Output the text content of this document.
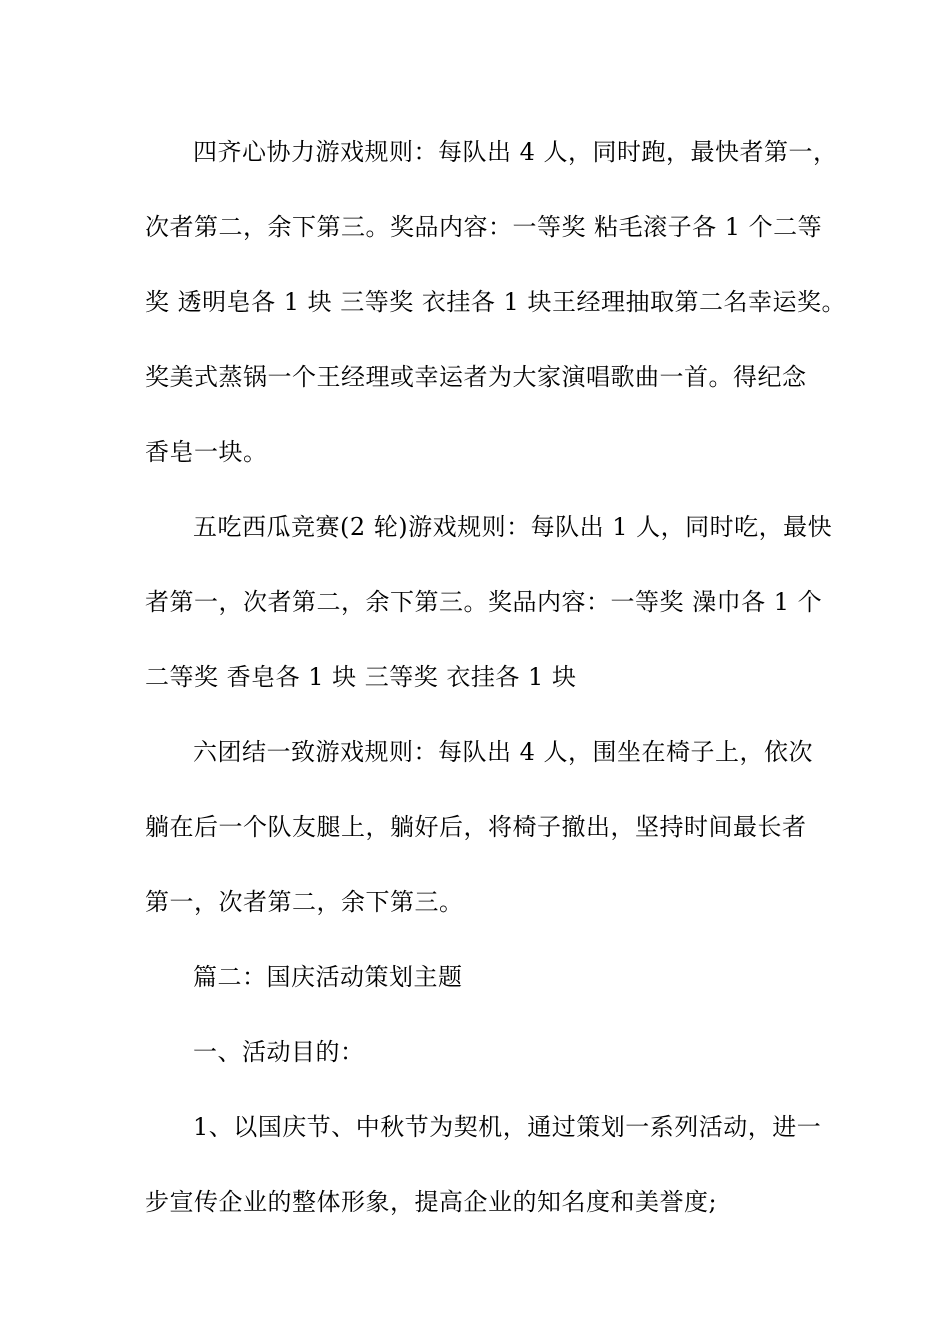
四齐心协力游戏规则：每队出 4 人，同时跑，最快者第一，
次者第二，余下第三。奖品内容：一等奖 粘毛滚子各 1 个二等
奖 透明皂各 1 块 三等奖 衣挂各 1 块王经理抽取第二名幸运奖。
奖美式蒸锅一个王经理或幸运者为大家演唱歌曲一首。得纪念
香皂一块。
五吃西瓜竞赛(2 轮)游戏规则：每队出 1 人，同时吃，最快
者第一，次者第二，余下第三。奖品内容：一等奖 澡巾各 1 个
二等奖 香皂各 1 块 三等奖 衣挂各 1 块
六团结一致游戏规则：每队出 4 人，围坐在椅子上，依次
躺在后一个队友腿上，躺好后，将椅子撤出，坚持时间最长者
第一，次者第二，余下第三。
篇二：国庆活动策划主题
一、活动目的：
1、以国庆节、中秋节为契机，通过策划一系列活动，进一
步宣传企业的整体形象，提高企业的知名度和美誉度;
